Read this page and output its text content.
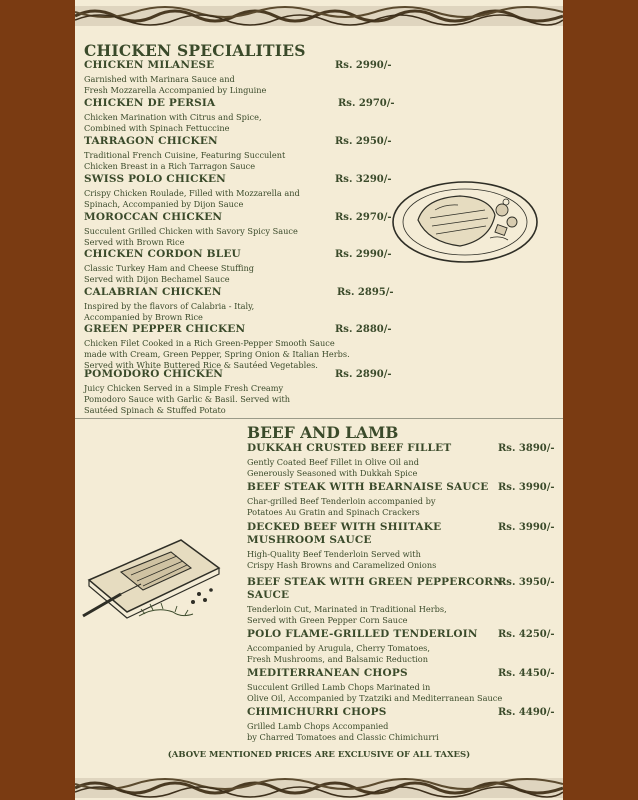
CHICKEN SPECIALITIES
CHICKEN MILANESE
Garnished with Marinara Sauce and
Fresh Mozzarella Accompanied by Linguine
Rs. 2990/-
CHICKEN DE PERSIA
Chicken Marination with Citrus and Spice,
Combined with Spinach Fettuccine
Rs. 2970/-
TARRAGON CHICKEN
Traditional French Cuisine, Featuring Succulent
Chicken Breast in a Rich Tarragon Sauce
Rs. 2950/-
SWISS POLO CHICKEN
Crispy Chicken Roulade, Filled with Mozzarella and
Spinach, Accompanied by Dijon Sauce
Rs. 3290/-
MOROCCAN CHICKEN
Succulent Grilled Chicken with Savory Spicy Sauce
Served with Brown Rice
Rs. 2970/-
CHICKEN CORDON BLEU
Classic Turkey Ham and Cheese Stuffing
Served with Dijon Bechamel Sauce
Rs. 2990/-
CALABRIAN CHICKEN
Inspired by the flavors of Calabria - Italy,
Accompanied by Brown Rice
Rs. 2895/-
GREEN PEPPER CHICKEN
Chicken Filet Cooked in a Rich Green-Pepper Smooth Sauce
made with Cream, Green Pepper, Spring Onion & Italian Herbs.
Served with White Buttered Rice & Sautéed Vegetables.
Rs. 2880/-
POMODORO CHICKEN
Juicy Chicken Served in a Simple Fresh Creamy
Pomodoro Sauce with Garlic & Basil. Served with
Sautéed Spinach & Stuffed Potato
Rs. 2890/-
BEEF AND LAMB
DUKKAH CRUSTED BEEF FILLET
Gently Coated Beef Fillet in Olive Oil and
Generously Seasoned with Dukkah Spice
Rs. 3890/-
BEEF STEAK WITH BEARNAISE SAUCE
Char-grilled Beef Tenderloin accompanied by
Potatoes Au Gratin and Spinach Crackers
Rs. 3990/-
DECKED BEEF WITH SHIITAKE
MUSHROOM SAUCE
High-Quality Beef Tenderloin Served with
Crispy Hash Browns and Caramelized Onions
Rs. 3990/-
BEEF STEAK WITH GREEN PEPPERCORN
SAUCE
Tenderloin Cut, Marinated in Traditional Herbs,
Served with Green Pepper Corn Sauce
Rs. 3950/-
POLO FLAME-GRILLED TENDERLOIN
Accompanied by Arugula, Cherry Tomatoes,
Fresh Mushrooms, and Balsamic Reduction
Rs. 4250/-
MEDITERRANEAN CHOPS
Succulent Grilled Lamb Chops Marinated in
Olive Oil, Accompanied by Tzatziki and Mediterranean Sauce
Rs. 4450/-
CHIMICHURRI CHOPS
Grilled Lamb Chops Accompanied
by Charred Tomatoes and Classic Chimichurri
Rs. 4490/-
(ABOVE MENTIONED PRICES ARE EXCLUSIVE OF ALL TAXES)
